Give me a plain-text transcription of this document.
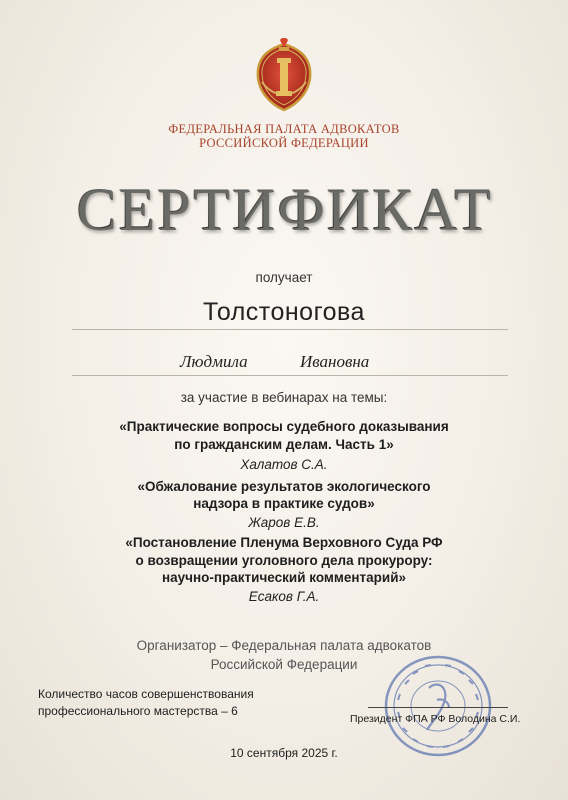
ФЕДЕРАЛЬНАЯ ПАЛАТА АДВОКАТОВ
РОССИЙСКОЙ ФЕДЕРАЦИИ
СЕРТИФИКАТ
получает
Толстоногова
Людмила	Ивановна
за участие в вебинарах на темы:
«Практические вопросы судебного доказывания
по гражданским делам. Часть 1»
Халатов С.А.
«Обжалование результатов экологического
надзора в практике судов»
Жаров Е.В.
«Постановление Пленума Верховного Суда РФ
о возвращении уголовного дела прокурору:
научно-практический комментарий»
Есаков Г.А.
Организатор – Федеральная палата адвокатов
Российской Федерации
Количество часов совершенствования
профессионального мастерства – 6
Президент ФПА РФ Володина С.И.
10 сентября 2025 г.
